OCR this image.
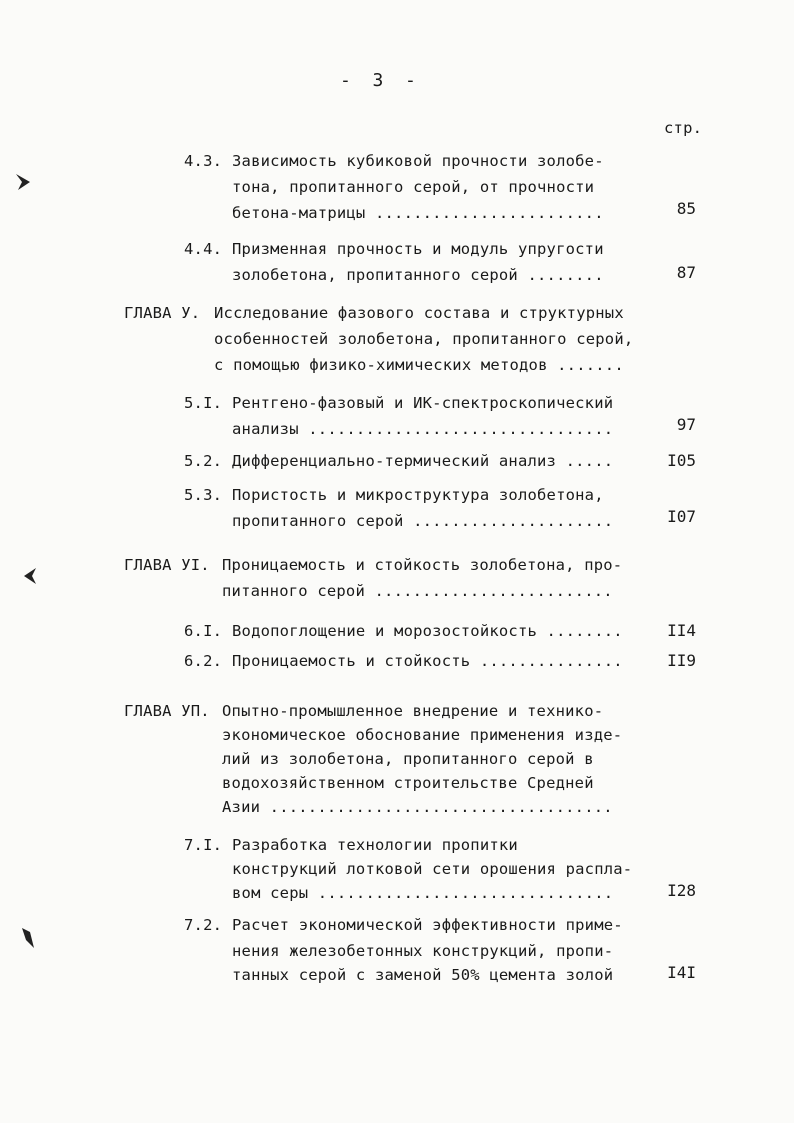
-  3  -
стр.
4.3. Зависимость кубиковой прочности золобе-
тона, пропитанного серой, от прочности
бетона-матрицы ........................	85
4.4. Призменная прочность и модуль упругости
золобетона, пропитанного серой ........	87
ГЛАВА У. Исследование фазового состава и структурных
особенностей золобетона, пропитанного серой,
с помощью физико-химических методов .......
5.I. Рентгено-фазовый и ИК-спектроскопический
анализы ................................	97
5.2. Дифференциально-термический анализ .....	I05
5.3. Пористость и микроструктура золобетона,
пропитанного серой .....................	I07
ГЛАВА УI. Проницаемость и стойкость золобетона, про-
питанного серой .........................
6.I. Водопоглощение и морозостойкость ........	II4
6.2. Проницаемость и стойкость ...............	II9
ГЛАВА УП. Опытно-промышленное внедрение и технико-
экономическое обоснование применения изде-
лий из золобетона, пропитанного серой в
водохозяйственном строительстве Средней
Азии ....................................
7.I. Разработка технологии пропитки
конструкций лотковой сети орошения распла-
вом серы ...............................	I28
7.2. Расчет экономической эффективности приме-
нения железобетонных конструкций, пропи-
танных серой с заменой 50% цемента золой	I4I
